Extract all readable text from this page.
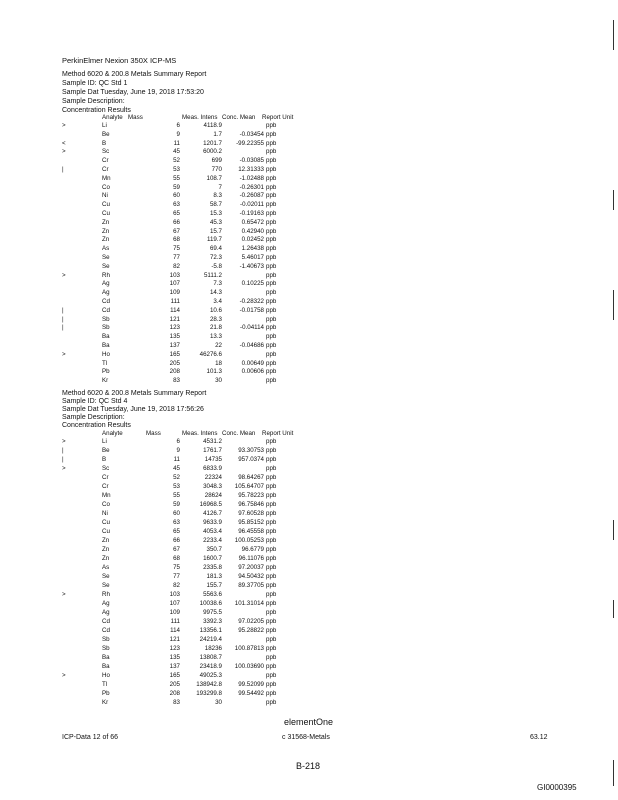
PerkinElmer Nexion 350X ICP-MS
Method 6020 & 200.8 Metals Summary Report
Sample ID: QC Std 1
Sample Dat Tuesday, June 19, 2018 17:53:20
Sample Description:
Concentration Results
Analyte Mass	Meas. Intens Conc. Mean Report Unit
>	Li	6	4118.9	ppb
Be	9	1.7	-0.03454 ppb
<	B	11	1201.7	-99.22355 ppb
>	Sc	45	6000.2	ppb
Cr	52	699	-0.03085 ppb
|	Cr	53	770	12.31333 ppb
Mn	55	108.7	-1.02488 ppb
Co	59	7	-0.26301 ppb
Ni	60	8.3	-0.26087 ppb
Cu	63	58.7	-0.02011 ppb
Cu	65	15.3	-0.19163 ppb
Zn	66	45.3	0.65472 ppb
Zn	67	15.7	0.42940 ppb
Zn	68	119.7	0.02452 ppb
As	75	69.4	1.26438 ppb
Se	77	72.3	5.46017 ppb
Se	82	-5.8	-1.40673 ppb
>	Rh	103	5111.2	ppb
Ag	107	7.3	0.10225 ppb
Ag	109	14.3	ppb
Cd	111	3.4	-0.28322 ppb
|	Cd	114	10.6	-0.01758 ppb
|	Sb	121	28.3	ppb
|	Sb	123	21.8	-0.04114 ppb
Ba	135	13.3	ppb
Ba	137	22	-0.04686 ppb
>	Ho	165	46276.6	ppb
Tl	205	18	0.00649 ppb
Pb	208	101.3	0.00606 ppb
Kr	83	30	ppb
Method 6020 & 200.8 Metals Summary Report
Sample ID: QC Std 4
Sample Dat Tuesday, June 19, 2018 17:56:26
Sample Description:
Concentration Results
Analyte	Mass	Meas. Intens Conc. Mean Report Unit
>	Li	6	4531.2	ppb
|	Be	9	1761.7	93.30753 ppb
|	B	11	14735	957.0374 ppb
>	Sc	45	6833.9	ppb
Cr	52	22324	98.64267 ppb
Cr	53	3048.3	105.64707 ppb
Mn	55	28624	95.78223 ppb
Co	59	16968.5	96.75846 ppb
Ni	60	4126.7	97.60528 ppb
Cu	63	9633.9	95.85152 ppb
Cu	65	4053.4	96.45558 ppb
Zn	66	2233.4	100.05253 ppb
Zn	67	350.7	96.6779 ppb
Zn	68	1600.7	96.11076 ppb
As	75	2335.8	97.20037 ppb
Se	77	181.3	94.50432 ppb
Se	82	155.7	89.37705 ppb
>	Rh	103	5563.6	ppb
Ag	107	10038.6	101.31014 ppb
Ag	109	9975.5	ppb
Cd	111	3392.3	97.02205 ppb
Cd	114	13356.1	95.28822 ppb
Sb	121	24219.4	ppb
Sb	123	18236	100.87813 ppb
Ba	135	13808.7	ppb
Ba	137	23418.9	100.03690 ppb
>	Ho	165	49025.3	ppb
Tl	205	138942.8	99.52099 ppb
Pb	208	193299.8	99.54492 ppb
Kr	83	30	ppb
elementOne
ICP-Data 12 of 66	c 31568-Metals	63.12
B-218
GI0000395
